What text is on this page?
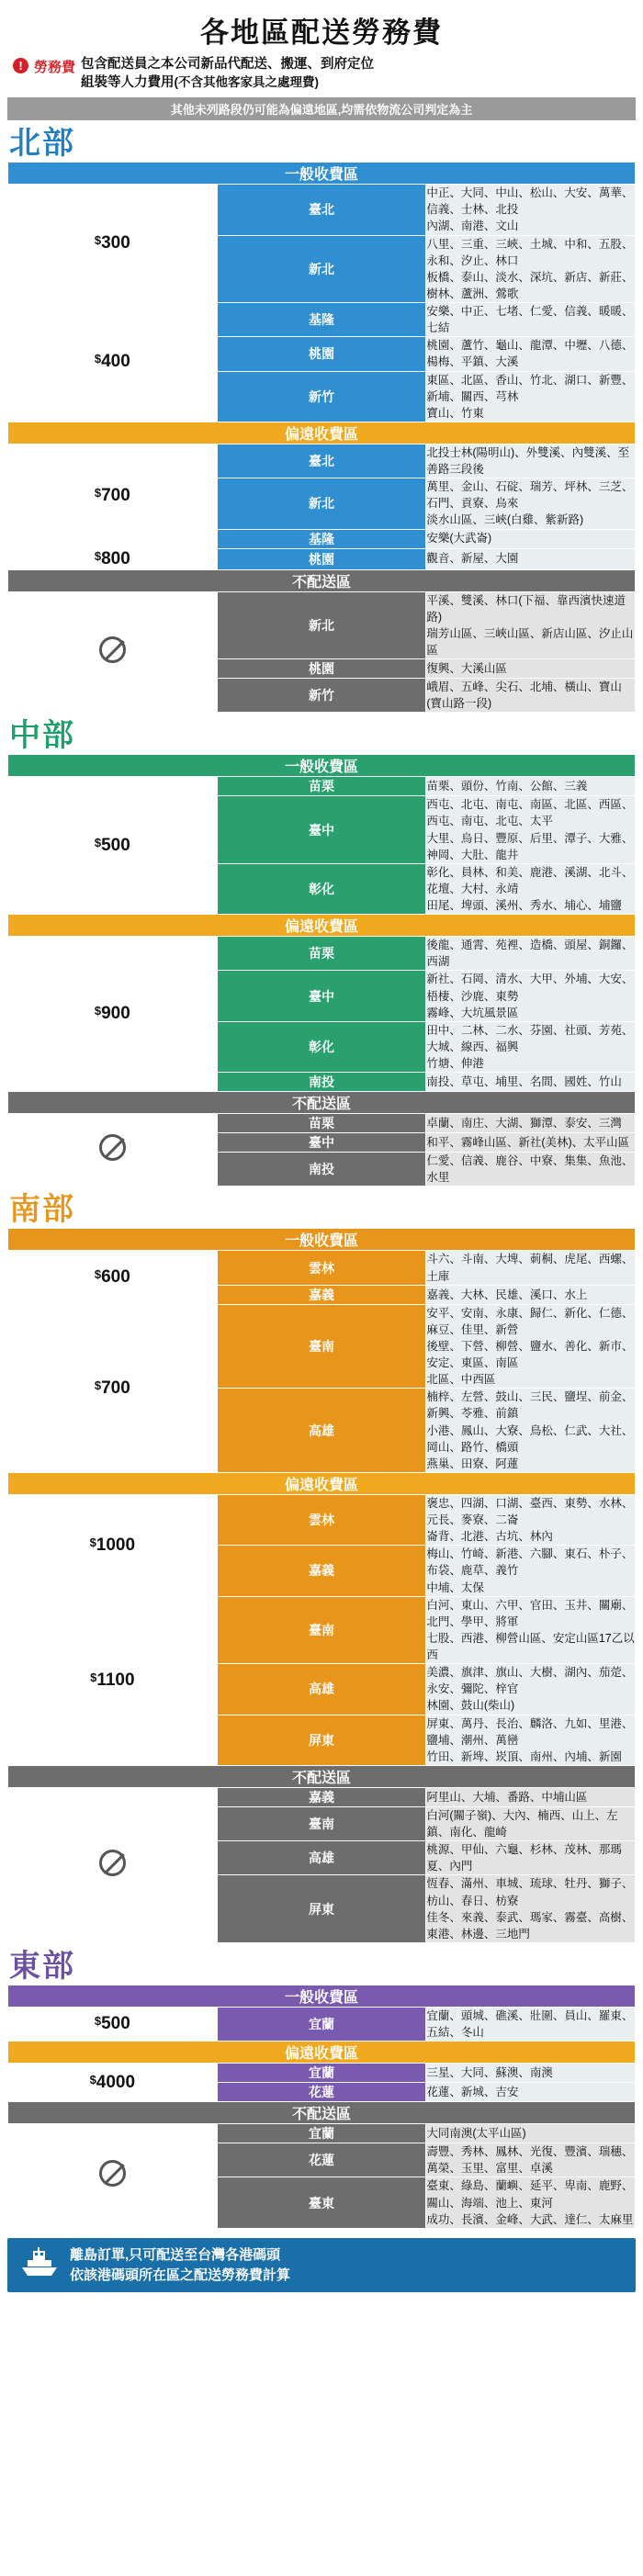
各地區配送勞務費
! 勞務費 包含配送員之本公司新品代配送、搬運、到府定位
組裝等人力費用(不含其他客家具之處理費)
其他未列路段仍可能為偏遠地區,均需依物流公司判定為主
北部
一般收費區		
$300	臺北	中正、大同、中山、松山、大安、萬華、信義、士林、北投
內湖、南港、文山

	新北	八里、三重、三峽、土城、中和、五股、永和、汐止、林口
板橋、泰山、淡水、深坑、新店、新莊、樹林、蘆洲、鶯歌

$400	基隆	安樂、中正、七堵、仁愛、信義、暖暖、七結

	桃園	桃園、蘆竹、龜山、龍潭、中壢、八德、楊梅、平鎮、大溪

	新竹	東區、北區、香山、竹北、湖口、新豐、新埔、關西、芎林
寶山、竹東

偏遠收費區		
$700	臺北	北投士林(陽明山)、外雙溪、內雙溪、至善路三段後

	新北	萬里、金山、石碇、瑞芳、坪林、三芝、石門、貢寮、烏來
淡水山區、三峽(白雞、紫新路)

	基隆	安樂(大武崙)

$800	桃園	觀音、新屋、大園

不配送區		
	新北	平溪、雙溪、林口(下福、靠西濱快速道路)
瑞芳山區、三峽山區、新店山區、汐止山區

	桃園	復興、大溪山區

	新竹	峨眉、五峰、尖石、北埔、橫山、寶山(寶山路一段)
中部
一般收費區		
$500	苗栗	苗栗、頭份、竹南、公館、三義

	臺中	西屯、北屯、南屯、南區、北區、西區、西屯、南屯、北屯、太平
大里、烏日、豐原、后里、潭子、大雅、神岡、大肚、龍井

	彰化	彰化、員林、和美、鹿港、溪湖、北斗、花壇、大村、永靖
田尾、埤頭、溪州、秀水、埔心、埔鹽

偏遠收費區		
$900	苗栗	後龍、通霄、苑裡、造橋、頭屋、銅鑼、西湖

	臺中	新社、石岡、清水、大甲、外埔、大安、梧棲、沙鹿、東勢
霧峰、大坑風景區

	彰化	田中、二林、二水、芬園、社頭、芳苑、大城、線西、福興
竹塘、伸港

	南投	南投、草屯、埔里、名間、國姓、竹山

不配送區		
	苗栗	卓蘭、南庄、大湖、獅潭、泰安、三灣

	臺中	和平、霧峰山區、新社(美林)、太平山區

	南投	仁愛、信義、鹿谷、中寮、集集、魚池、水里
南部
一般收費區		
$600	雲林	斗六、斗南、大埤、莿桐、虎尾、西螺、土庫

	嘉義	嘉義、大林、民雄、溪口、水上

$700	臺南	安平、安南、永康、歸仁、新化、仁德、麻豆、佳里、新營
後壁、下營、柳營、鹽水、善化、新市、安定、東區、南區
北區、中西區

	高雄	楠梓、左營、鼓山、三民、鹽埕、前金、新興、苓雅、前鎮
小港、鳳山、大寮、鳥松、仁武、大社、岡山、路竹、橋頭
燕巢、田寮、阿蓮

偏遠收費區		
$1000	雲林	褒忠、四湖、口湖、臺西、東勢、水林、元長、麥寮、二崙
崙背、北港、古坑、林內

	嘉義	梅山、竹崎、新港、六腳、東石、朴子、布袋、鹿草、義竹
中埔、太保

$1100	臺南	白河、東山、六甲、官田、玉井、關廟、北門、學甲、將軍
七股、西港、柳營山區、安定山區17乙以西

	高雄	美濃、旗津、旗山、大樹、湖內、茄萣、永安、彌陀、梓官
林園、鼓山(柴山)

	屏東	屏東、萬丹、長治、麟洛、九如、里港、鹽埔、潮州、萬巒
竹田、新埤、崁頂、南州、內埔、新園

不配送區		
	嘉義	阿里山、大埔、番路、中埔山區

	臺南	白河(關子嶺)、大內、楠西、山上、左鎮、南化、龍崎

	高雄	桃源、甲仙、六龜、杉林、茂林、那瑪夏、內門

	屏東	恆春、滿州、車城、琉球、牡丹、獅子、枋山、春日、枋寮
佳冬、來義、泰武、瑪家、霧臺、高樹、東港、林邊、三地門
東部
一般收費區		
$500	宜蘭	宜蘭、頭城、礁溪、壯圍、員山、羅東、五結、冬山

偏遠收費區		
$4000	宜蘭	三星、大同、蘇澳、南澳

	花蓮	花蓮、新城、吉安

不配送區		
	宜蘭	大同南澳(太平山區)

	花蓮	壽豐、秀林、鳳林、光復、豐濱、瑞穗、萬榮、玉里、富里、卓溪

	臺東	臺東、綠島、蘭嶼、延平、卑南、鹿野、關山、海端、池上、東河
成功、長濱、金峰、大武、達仁、太麻里
離島訂單,只可配送至台灣各港碼頭
依該港碼頭所在區之配送勞務費計算
